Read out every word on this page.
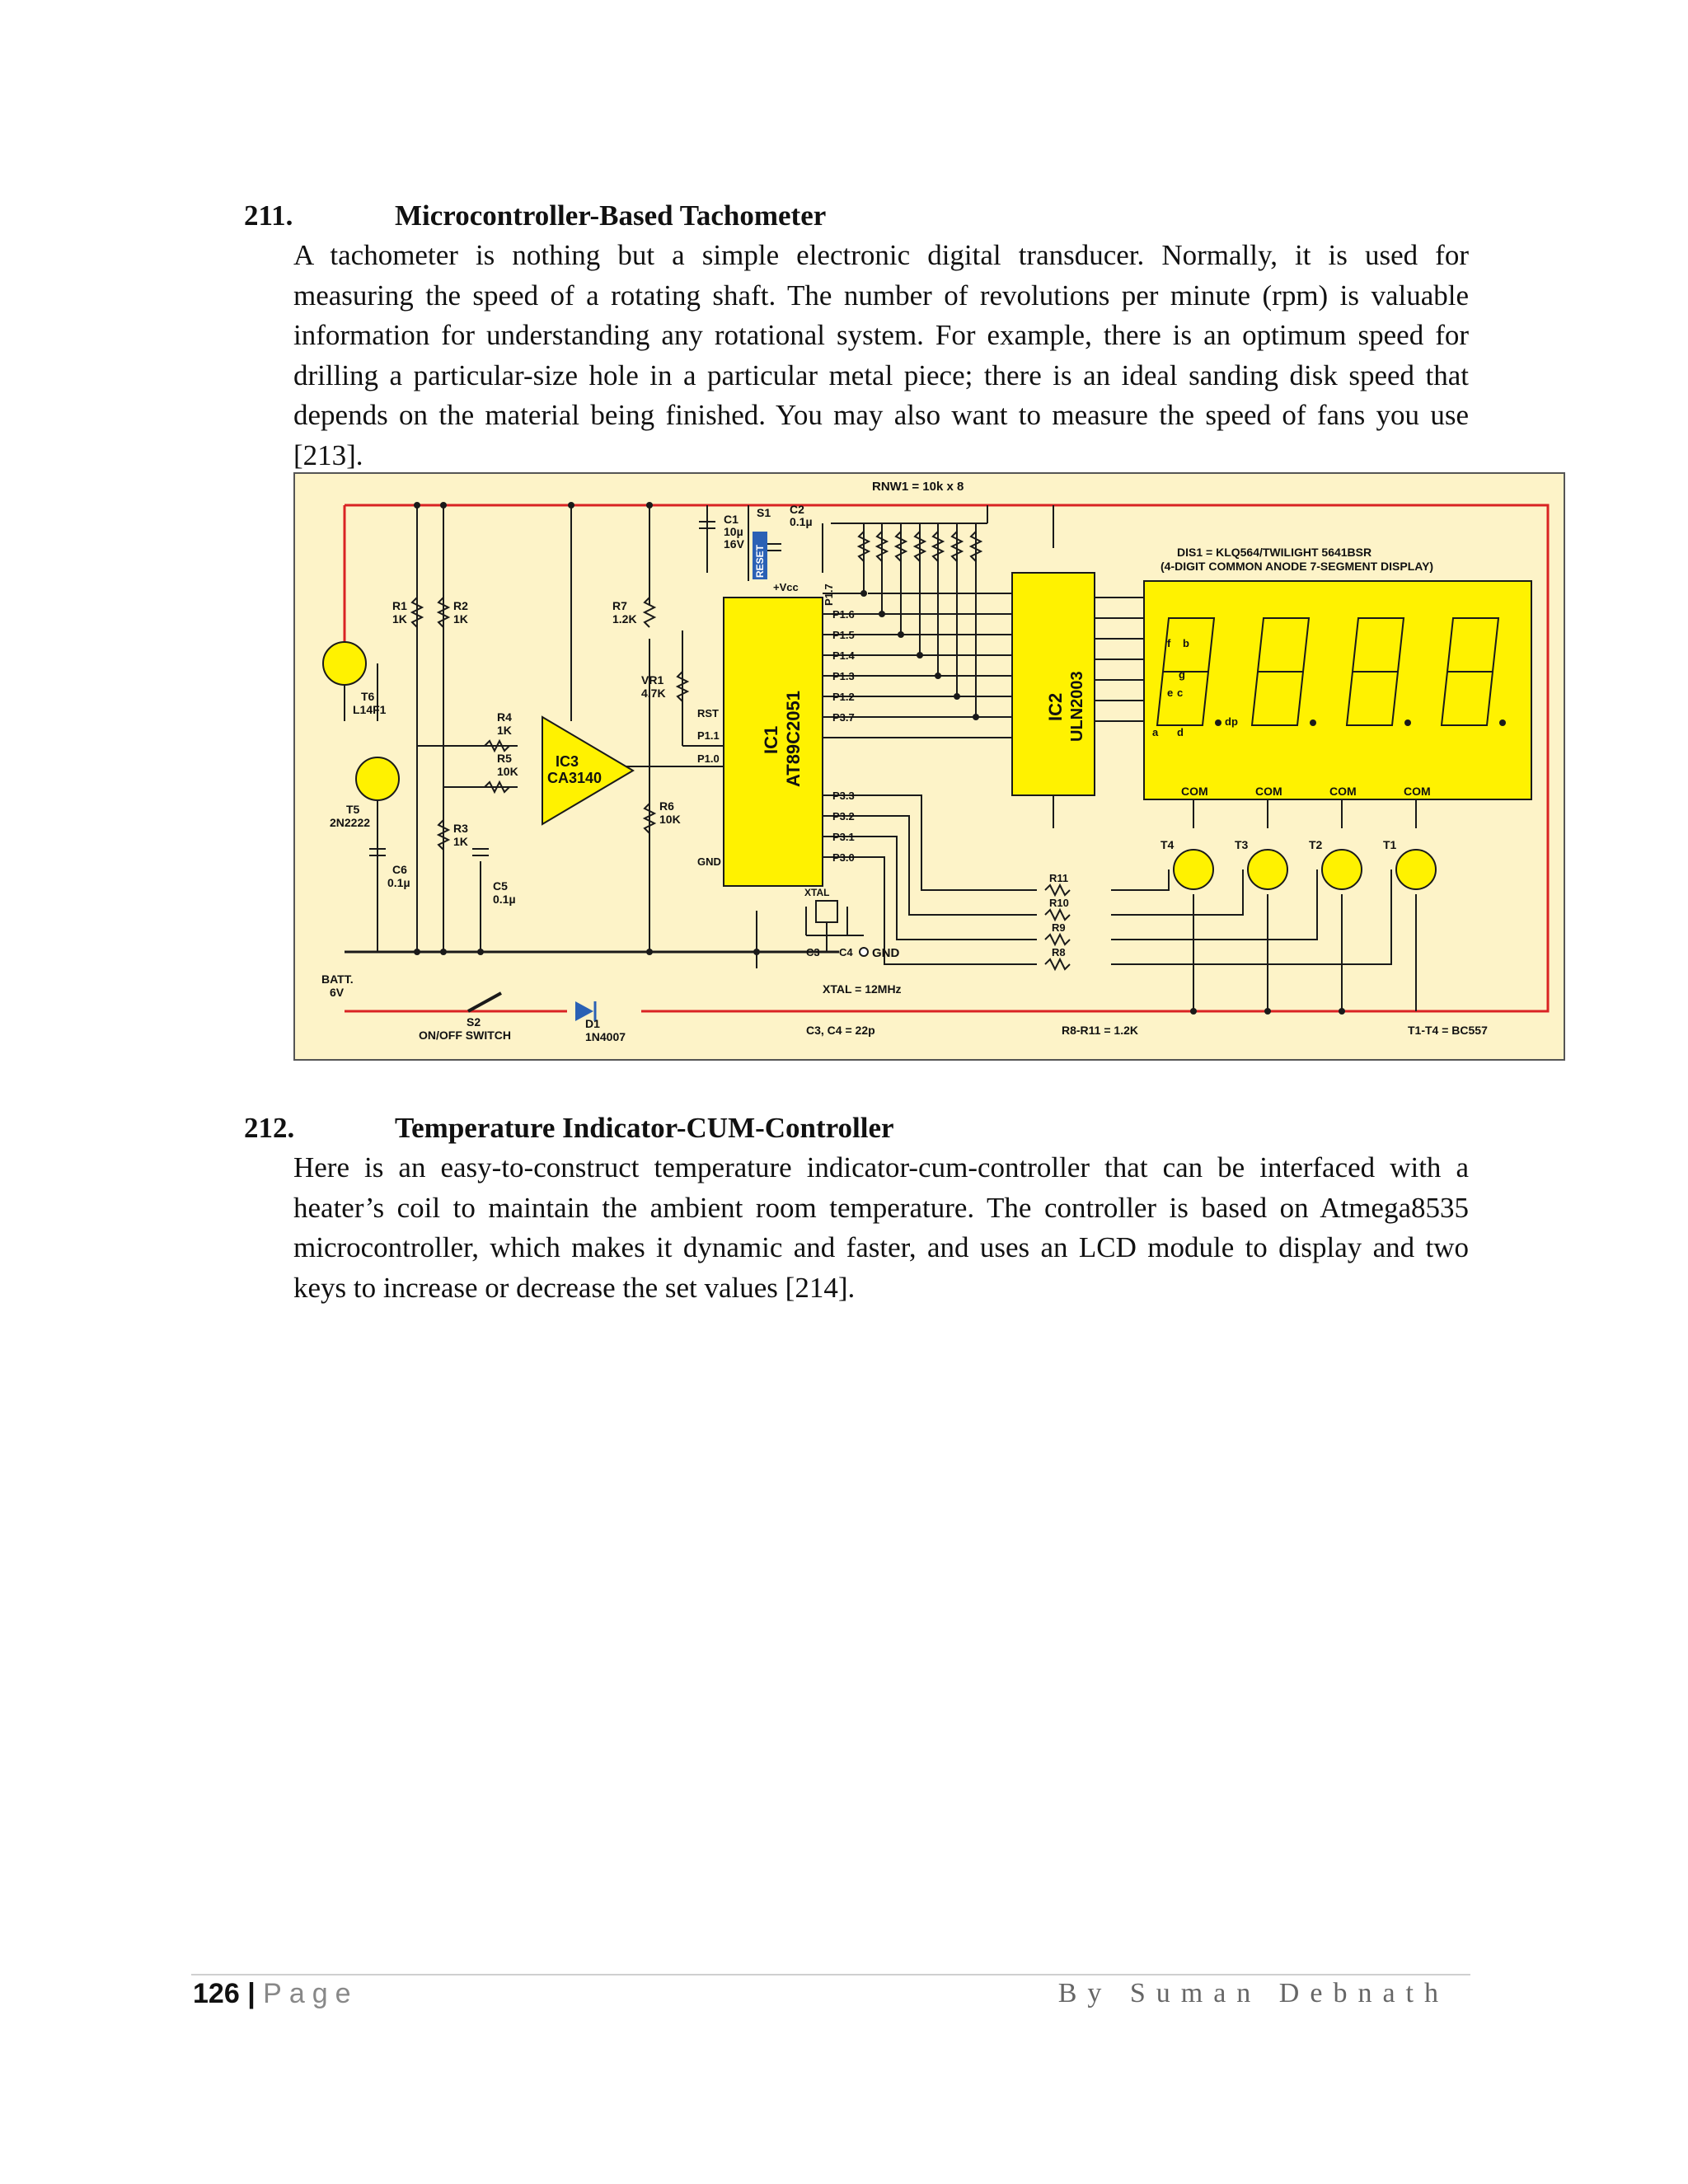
211.	Microcontroller-Based Tachometer
A tachometer is nothing but a simple electronic digital transducer. Normally, it is used for
measuring the speed of a rotating shaft. The number of revolutions per minute (rpm) is valuable
information for understanding any rotational system. For example, there is an optimum speed for
drilling a particular-size hole in a particular metal piece; there is an ideal sanding disk speed that
depends on the material being finished. You may also want to measure the speed of fans you use
[213].
RNW1 = 10k x 8
R1
1K
R2
1K
R3
1K
R7
1.2K
R6
10K
VR1
4.7K
R4
1K
R5
10K
R11
R10
R9
R8
C1
10µ
16V
C2
0.1µ
C5
0.1µ
C6
0.1µ
RESET
S1
+Vcc
IC1 AT89C2051
RST
P1.1
P1.0
P1.7
P1.6
P1.5
P1.4
P1.3
P1.2
P3.7
P3.3
P3.2
P3.1
P3.0
GND
XTAL
C3 C4 GND
IC2 ULN2003
IC3
CA3140
T6
L14F1
T5
2N2222
BATT.
6V
S2
ON/OFF SWITCH
D1
1N4007
XTAL = 12MHz
C3, C4 = 22p	R8-R11 = 1.2K	T1-T4 = BC557
DIS1 = KLQ564/TWILIGHT 5641BSR
(4-DIGIT COMMON ANODE 7-SEGMENT DISPLAY)
a
b
c
d
e
f
g
dp
COM	COM	COM	COM
T4	T3	T2	T1
212.	Temperature Indicator-CUM-Controller
Here is an easy-to-construct temperature indicator-cum-controller that can be interfaced with a
heater’s coil to maintain the ambient room temperature. The controller is based on Atmega8535
microcontroller, which makes it dynamic and faster, and uses an LCD module to display and two
keys to increase or decrease the set values [214].
126 | Page	By Suman Debnath
